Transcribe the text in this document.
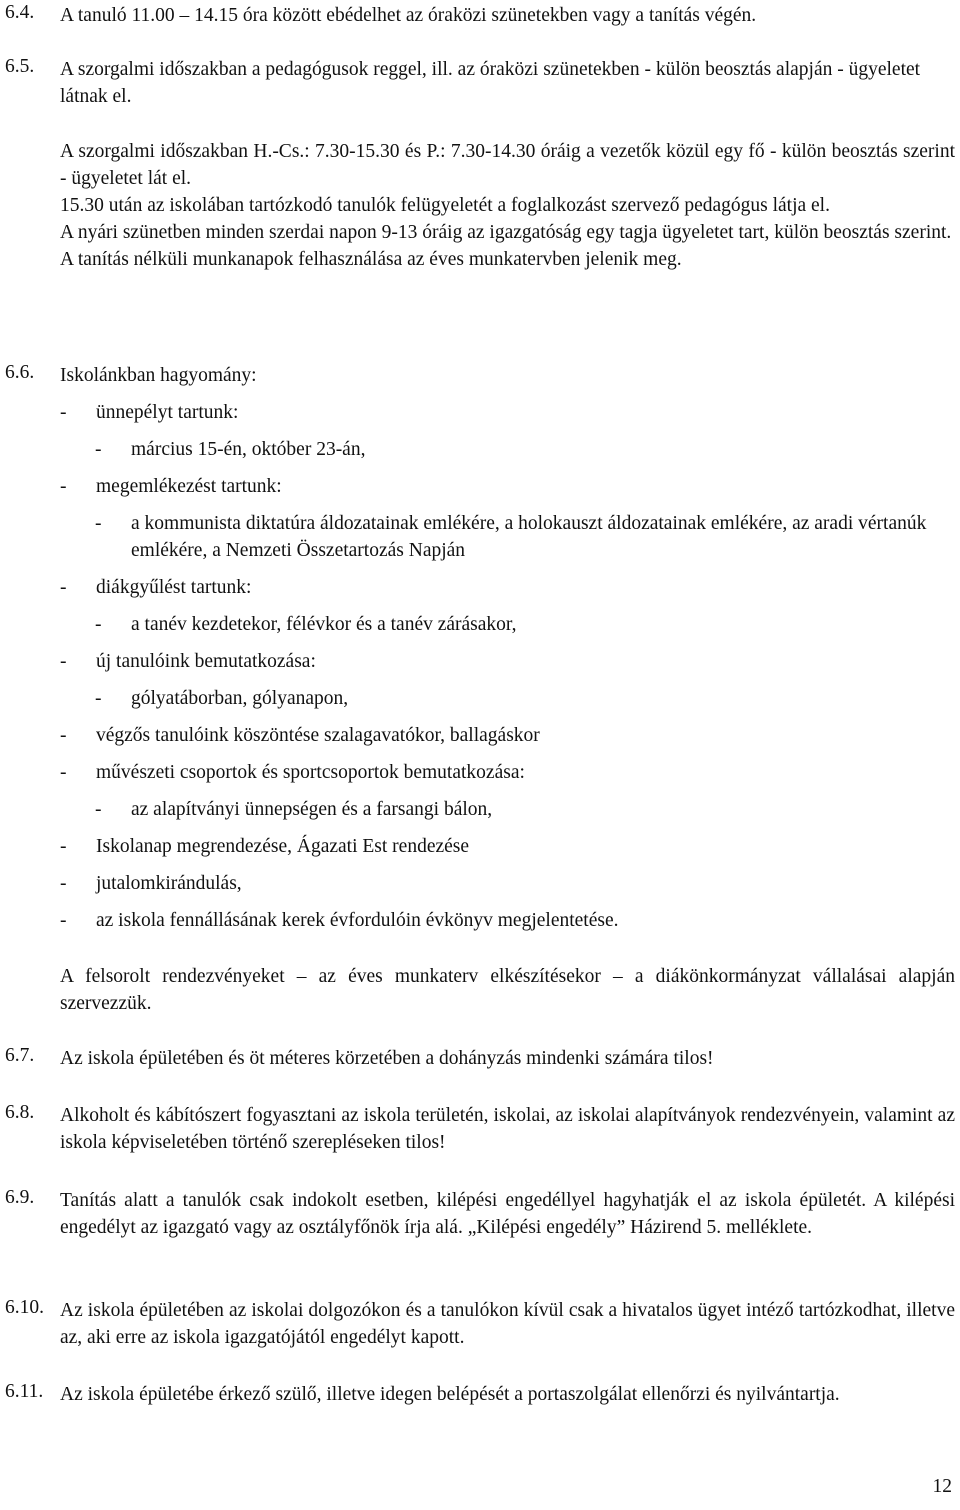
6.4. A tanuló 11.00 – 14.15 óra között ebédelhet az óraközi szünetekben vagy a tanítás végén.

6.5. A szorgalmi időszakban a pedagógusok reggel, ill. az óraközi szünetekben - külön beosztás alapján - ügyeletet látnak el.

A szorgalmi időszakban H.-Cs.: 7.30-15.30 és P.: 7.30-14.30 óráig a vezetők közül egy fő - külön beosztás szerint - ügyeletet lát el.

15.30 után az iskolában tartózkodó tanulók felügyeletét a foglalkozást szervező pedagógus látja el.

A nyári szünetben minden szerdai napon 9-13 óráig az igazgatóság egy tagja ügyeletet tart, külön beosztás szerint.

A tanítás nélküli munkanapok felhasználása az éves munkatervben jelenik meg.

6.6. Iskolánkban hagyomány:

- ünnepélyt tartunk:
- március 15-én, október 23-án,
- megemlékezést tartunk:
- a kommunista diktatúra áldozatainak emlékére, a holokauszt áldozatainak emlékére, az aradi vértanúk emlékére, a Nemzeti Összetartozás Napján
- diákgyűlést tartunk:
- a tanév kezdetekor, félévkor és a tanév zárásakor,
- új tanulóink bemutatkozása:
- gólyatáborban, gólyanapon,
- végzős tanulóink köszöntése szalagavatókor, ballagáskor
- művészeti csoportok és sportcsoportok bemutatkozása:
- az alapítványi ünnepségen és a farsangi bálon,
- Iskolanap megrendezése, Ágazati Est rendezése
- jutalomkirándulás,
- az iskola fennállásának kerek évfordulóin évkönyv megjelentetése.

A felsorolt rendezvényeket – az éves munkaterv elkészítésekor – a diákönkormányzat vállalásai alapján szervezzük.

6.7. Az iskola épületében és öt méteres körzetében a dohányzás mindenki számára tilos!

6.8. Alkoholt és kábítószert fogyasztani az iskola területén, iskolai, az iskolai alapítványok rendezvényein, valamint az iskola képviseletében történő szerepléseken tilos!

6.9. Tanítás alatt a tanulók csak indokolt esetben, kilépési engedéllyel hagyhatják el az iskola épületét. A kilépési engedélyt az igazgató vagy az osztályfőnök írja alá. „Kilépési engedély” Házirend 5. melléklete.

6.10. Az iskola épületében az iskolai dolgozókon és a tanulókon kívül csak a hivatalos ügyet intéző tartózkodhat, illetve az, aki erre az iskola igazgatójától engedélyt kapott.

6.11. Az iskola épületébe érkező szülő, illetve idegen belépését a portaszolgálat ellenőrzi és nyilvántartja.

12
